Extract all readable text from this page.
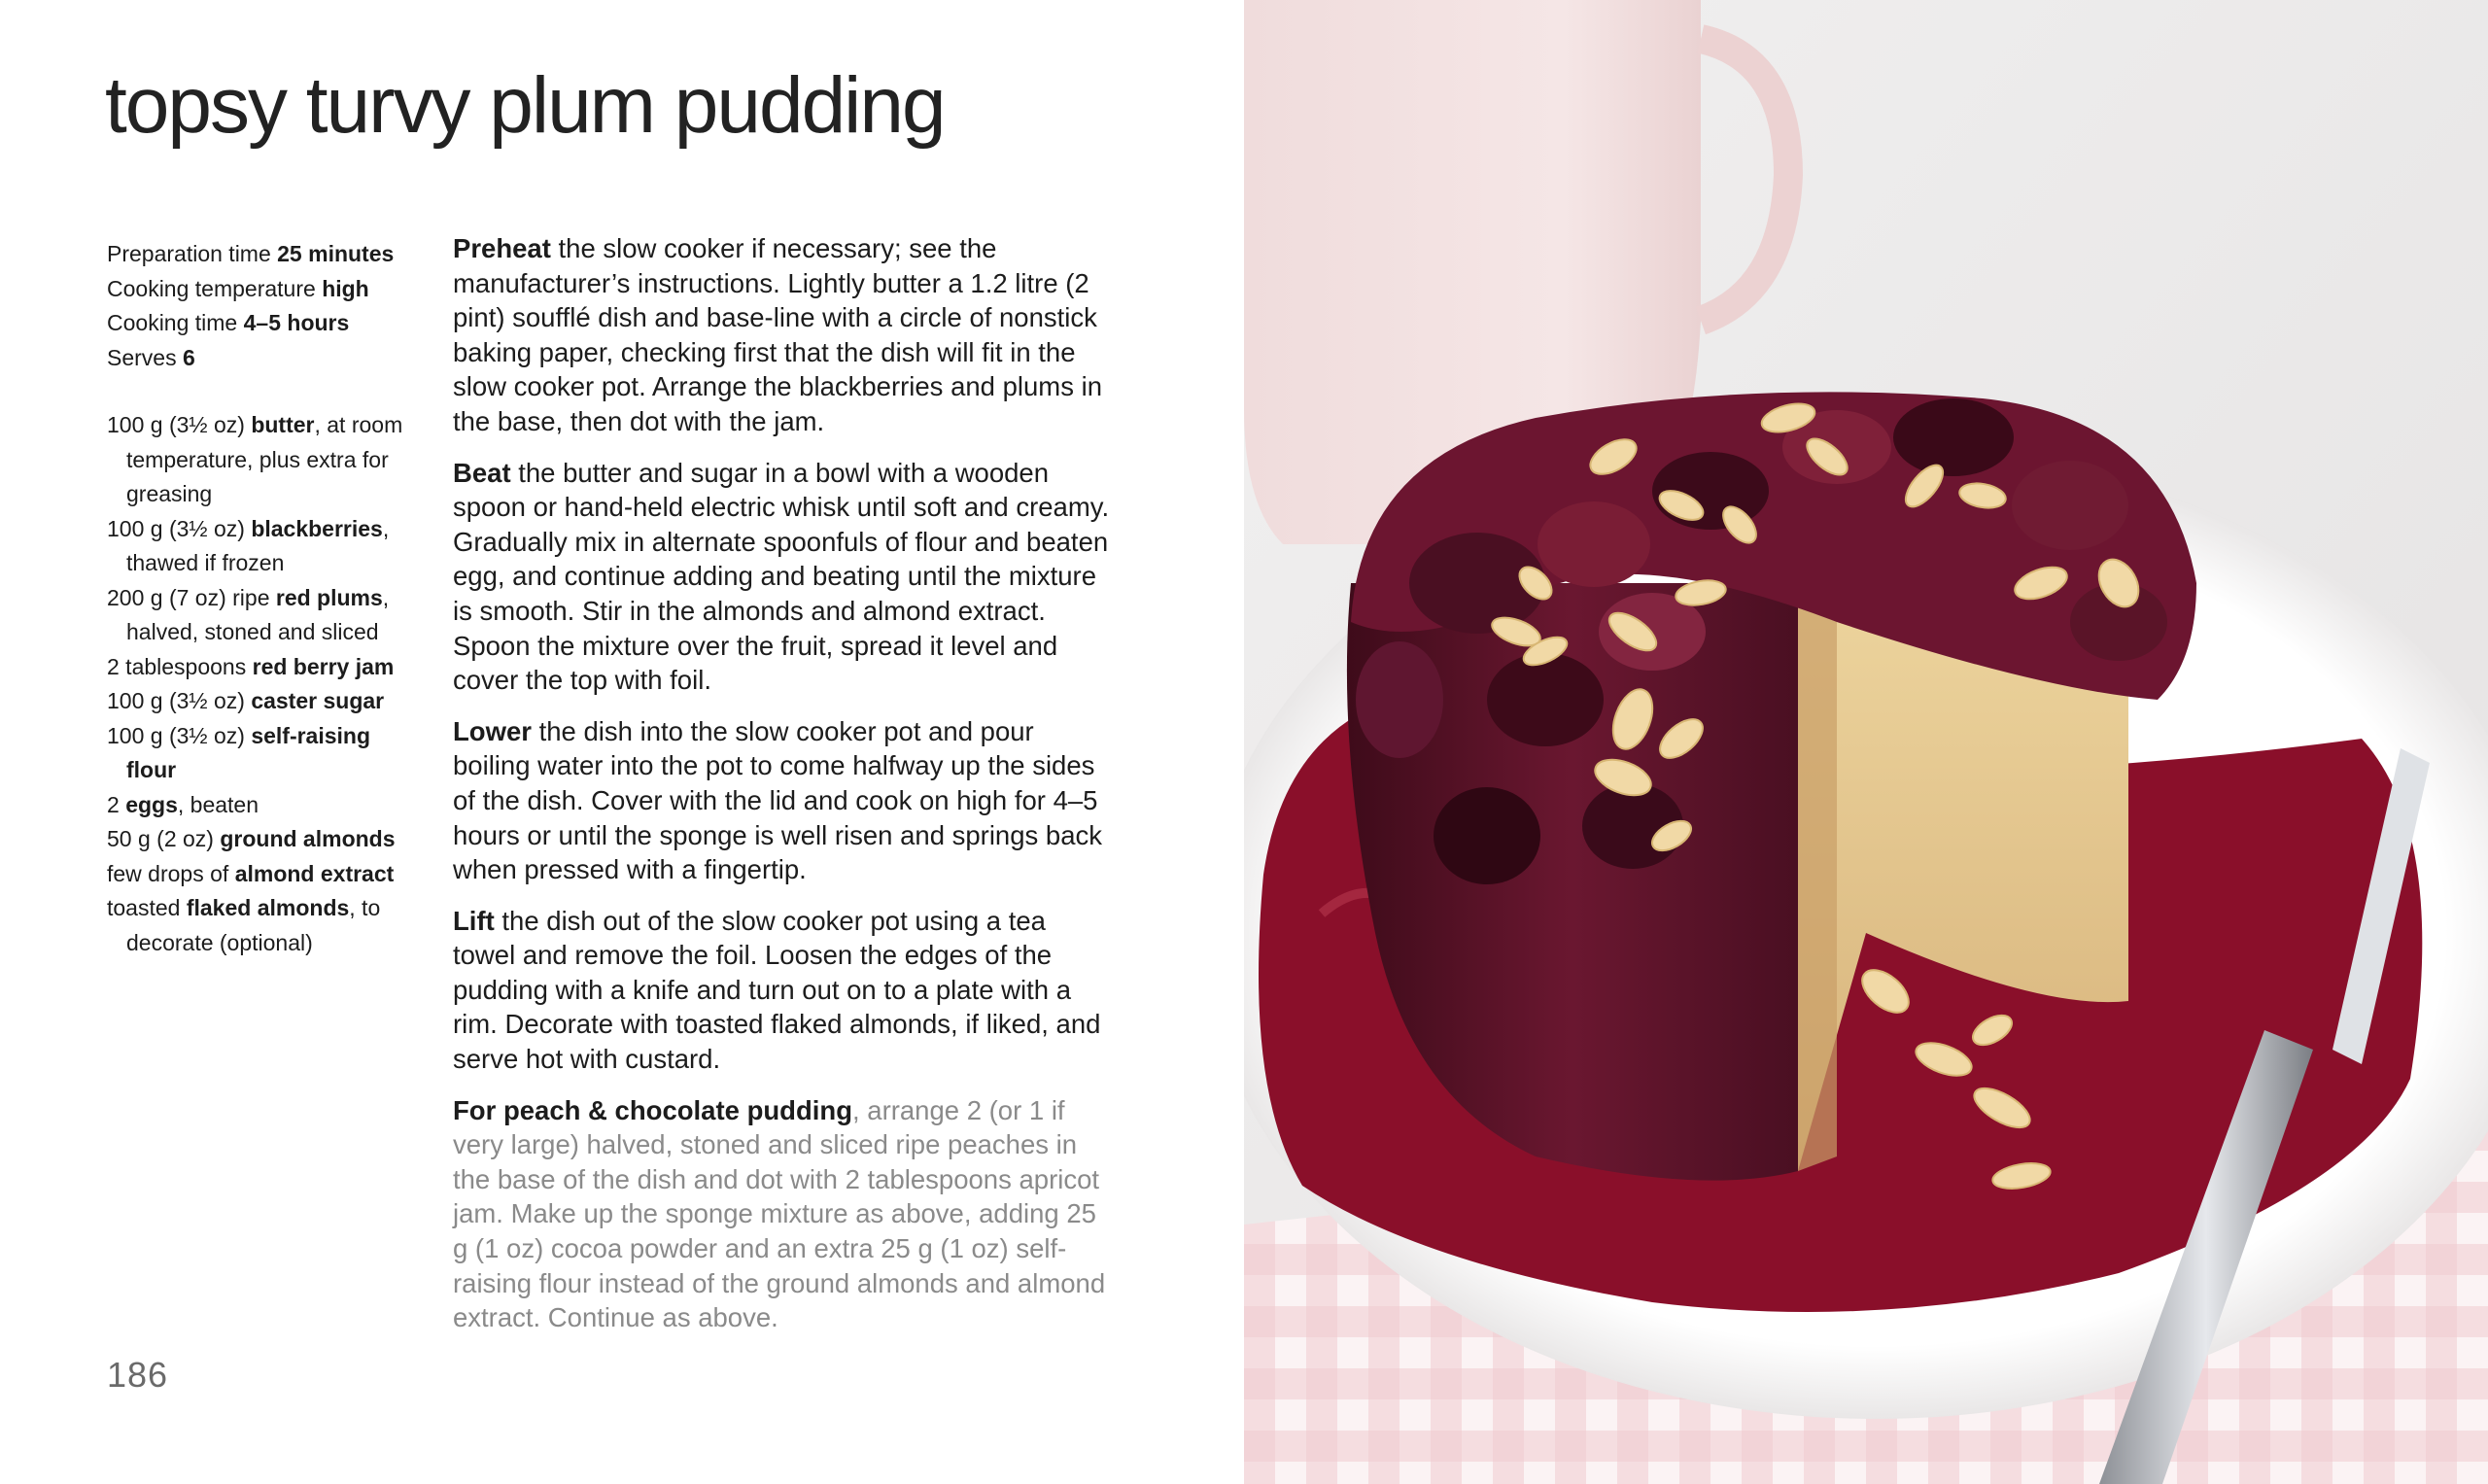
topsy turvy plum pudding
Preparation time 25 minutes
Cooking temperature high
Cooking time 4–5 hours
Serves 6
100 g (3½ oz) butter, at room temperature, plus extra for greasing
100 g (3½ oz) blackberries, thawed if frozen
200 g (7 oz) ripe red plums, halved, stoned and sliced
2 tablespoons red berry jam
100 g (3½ oz) caster sugar
100 g (3½ oz) self-raising flour
2 eggs, beaten
50 g (2 oz) ground almonds
few drops of almond extract
toasted flaked almonds, to decorate (optional)

Preheat the slow cooker if necessary; see the manufacturer’s instructions. Lightly butter a 1.2 litre (2 pint) soufflé dish and base-line with a circle of nonstick baking paper, checking first that the dish will fit in the slow cooker pot. Arrange the blackberries and plums in the base, then dot with the jam.

Beat the butter and sugar in a bowl with a wooden spoon or hand-held electric whisk until soft and creamy. Gradually mix in alternate spoonfuls of flour and beaten egg, and continue adding and beating until the mixture is smooth. Stir in the almonds and almond extract. Spoon the mixture over the fruit, spread it level and cover the top with foil.

Lower the dish into the slow cooker pot and pour boiling water into the pot to come halfway up the sides of the dish. Cover with the lid and cook on high for 4–5 hours or until the sponge is well risen and springs back when pressed with a fingertip.

Lift the dish out of the slow cooker pot using a tea towel and remove the foil. Loosen the edges of the pudding with a knife and turn out on to a plate with a rim. Decorate with toasted flaked almonds, if liked, and serve hot with custard.

For peach & chocolate pudding, arrange 2 (or 1 if very large) halved, stoned and sliced ripe peaches in the base of the dish and dot with 2 tablespoons apricot jam. Make up the sponge mixture as above, adding 25 g (1 oz) cocoa powder and an extra 25 g (1 oz) self-raising flour instead of the ground almonds and almond extract. Continue as above.

186
